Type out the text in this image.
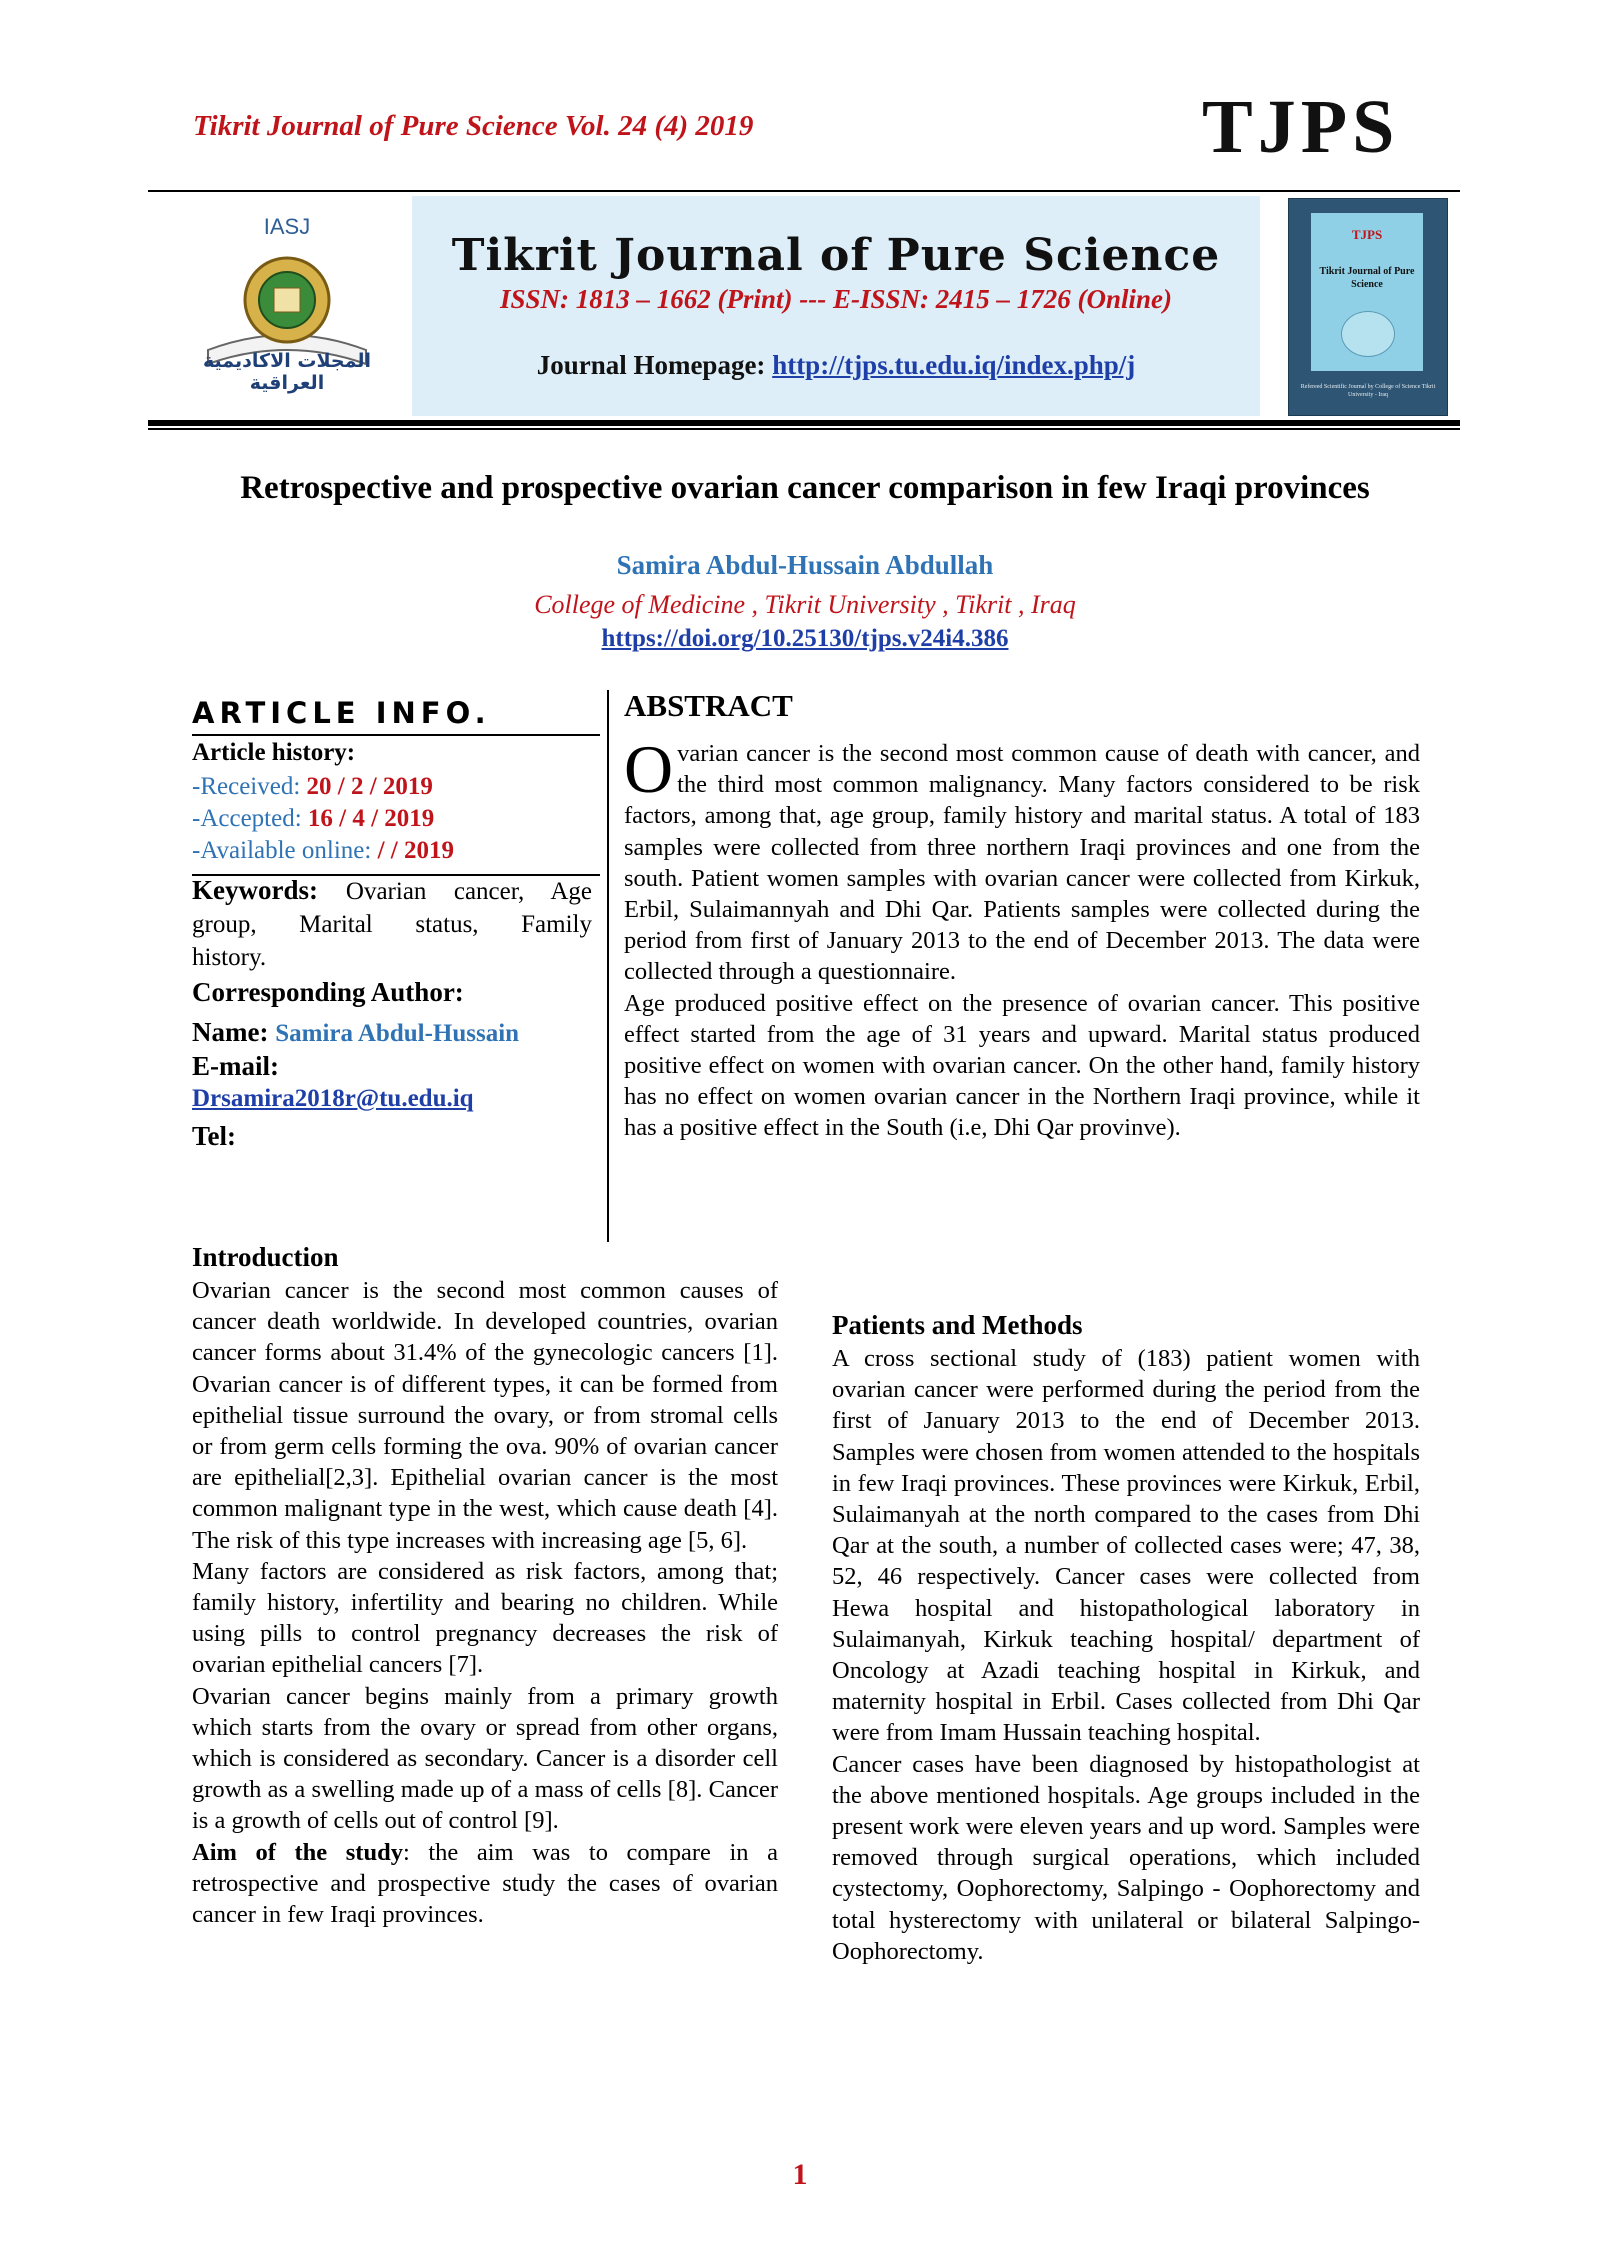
Tikrit Journal of Pure Science Vol. 24 (4) 2019	TJPS
IASJ
المجلات الاكاديمية العراقية
Tikrit Journal of Pure Science
ISSN: 1813 – 1662 (Print) --- E-ISSN: 2415 – 1726 (Online)
Journal Homepage: http://tjps.tu.edu.iq/index.php/j
TJPS
Tikrit Journal of Pure Science
Refereed Scientific Journal by College of Science Tikrit University - Iraq
Retrospective and prospective ovarian cancer comparison in few Iraqi provinces
Samira Abdul-Hussain Abdullah
College of Medicine , Tikrit University , Tikrit , Iraq
https://doi.org/10.25130/tjps.v24i4.386
ARTICLE INFO.
Article history:
-Received: 20 / 2 / 2019
-Accepted: 16 / 4 / 2019
-Available online: / / 2019
Keywords: Ovarian cancer, Age
group, Marital status, Family
history.
Corresponding Author:
Name: Samira Abdul-Hussain
E-mail:
Drsamira2018r@tu.edu.iq
Tel:
ABSTRACT

Ovarian cancer is the second most common cause of death with cancer, and the third most common malignancy. Many factors considered to be risk factors, among that, age group, family history and marital status. A total of 183 samples were collected from three northern Iraqi provinces and one from the south. Patient women samples with ovarian cancer were collected from Kirkuk, Erbil, Sulaimannyah and Dhi Qar. Patients samples were collected during the period from first of January 2013 to the end of December 2013. The data were collected through a questionnaire.

Age produced positive effect on the presence of ovarian cancer. This positive effect started from the age of 31 years and upward. Marital status produced positive effect on women with ovarian cancer. On the other hand, family history has no effect on women ovarian cancer in the Northern Iraqi province, while it has a positive effect in the South (i.e, Dhi Qar provinve).

Introduction

Ovarian cancer is the second most common causes of cancer death worldwide. In developed countries, ovarian cancer forms about 31.4% of the gynecologic cancers [1]. Ovarian cancer is of different types, it can be formed from epithelial tissue surround the ovary, or from stromal cells or from germ cells forming the ova. 90% of ovarian cancer are epithelial[2,3]. Epithelial ovarian cancer is the most common malignant type in the west, which cause death [4]. The risk of this type increases with increasing age [5, 6].

Many factors are considered as risk factors, among that; family history, infertility and bearing no children. While using pills to control pregnancy decreases the risk of ovarian epithelial cancers [7].

Ovarian cancer begins mainly from a primary growth which starts from the ovary or spread from other organs, which is considered as secondary. Cancer is a disorder cell growth as a swelling made up of a mass of cells [8]. Cancer is a growth of cells out of control [9].

Aim of the study: the aim was to compare in a retrospective and prospective study the cases of ovarian cancer in few Iraqi provinces.

Patients and Methods

A cross sectional study of (183) patient women with ovarian cancer were performed during the period from the first of January 2013 to the end of December 2013. Samples were chosen from women attended to the hospitals in few Iraqi provinces. These provinces were Kirkuk, Erbil, Sulaimanyah at the north compared to the cases from Dhi Qar at the south, a number of collected cases were; 47, 38, 52, 46 respectively. Cancer cases were collected from Hewa hospital and histopathological laboratory in Sulaimanyah, Kirkuk teaching hospital/ department of Oncology at Azadi teaching hospital in Kirkuk, and maternity hospital in Erbil. Cases collected from Dhi Qar were from Imam Hussain teaching hospital.

Cancer cases have been diagnosed by histopathologist at the above mentioned hospitals. Age groups included in the present work were eleven years and up word. Samples were removed through surgical operations, which included cystectomy, Oophorectomy, Salpingo - Oophorectomy and total hysterectomy with unilateral or bilateral Salpingo-Oophorectomy.

1
